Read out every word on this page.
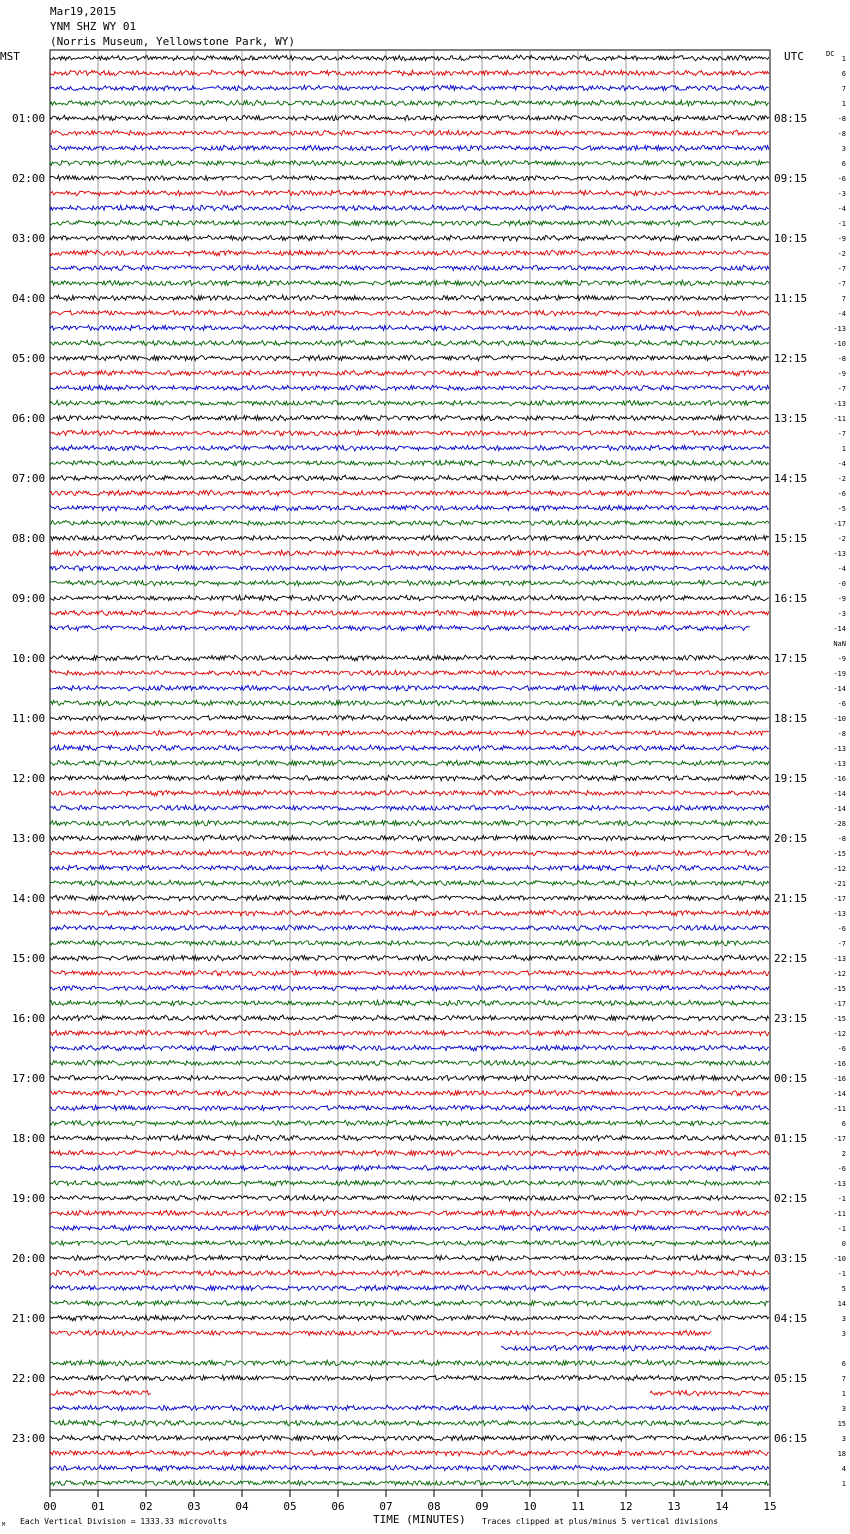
Mar19,2015
YNM SHZ WY 01
(Norris Museum, Yellowstone Park, WY)
MST	UTC	DC
01:00
02:00
03:00
04:00
05:00
06:00
07:00
08:00
09:00
10:00
11:00
12:00
13:00
14:00
15:00
16:00
17:00
18:00
19:00
20:00
21:00
22:00
23:00
08:15
09:15
10:15
11:15
12:15
13:15
14:15
15:15
16:15
17:15
18:15
19:15
20:15
21:15
22:15
23:15
00:15
01:15
02:15
03:15
04:15
05:15
06:15
1
6
7
1
-8
-8
3
6
-6
-3
-4
-1
-9
-2
-7
-7
7
-4
-13
-10
-8
-9
-7
-13
-11
-7
1
-4
-2
-6
-5
-17
-2
-13
-4
-0
-9
-3
-14
NaN
-9
-19
-14
-6
-10
-8
-13
-13
-16
-14
-14
-28
-8
-15
-12
-21
-17
-13
-6
-7
-13
-12
-15
-17
-15
-12
-6
-16
-16
-14
-11
6
-17
2
-6
-13
-1
-11
-1
0
-10
-1
5
14
3
3
6
7
1
3
15
3
18
4
1
00	01	02	03	04	05	06	07	08	09	10	11	12	13	14	15
TIME (MINUTES)
Each Vertical Division = 1333.33 microvolts	Traces clipped at plus/minus 5 vertical divisions
M
